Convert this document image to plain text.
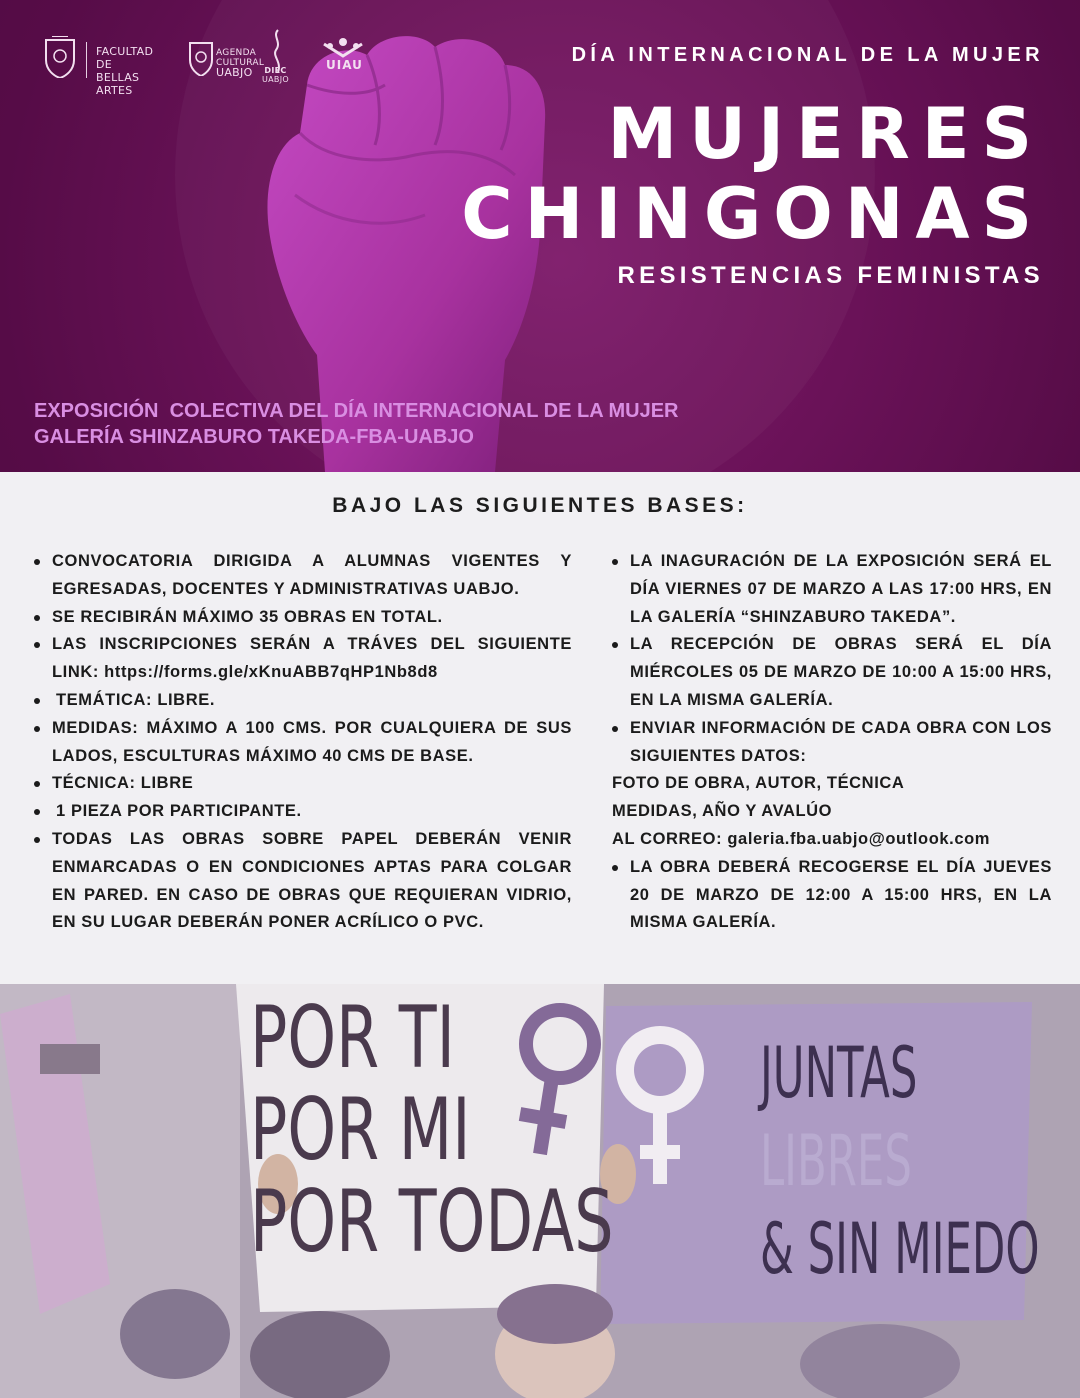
FACULTAD DE
BELLAS ARTES
AGENDA
CULTURAL
UABJO	DIEC
UABJO
UIAU	DÍA INTERNACIONAL DE LA MUJER
MUJERES
CHINGONAS
RESISTENCIAS FEMINISTAS
EXPOSICIÓN  COLECTIVA DEL DÍA INTERNACIONAL DE LA MUJER
GALERÍA SHINZABURO TAKEDA-FBA-UABJO
BAJO LAS SIGUIENTES BASES:
CONVOCATORIA DIRIGIDA A ALUMNAS VIGENTES Y EGRESADAS, DOCENTES Y ADMINISTRATIVAS UABJO.
SE RECIBIRÁN MÁXIMO 35 OBRAS EN TOTAL.
LAS INSCRIPCIONES SERÁN A TRÁVES DEL SIGUIENTE LINK: https://forms.gle/xKnuABB7qHP1Nb8d8
TEMÁTICA: LIBRE.
MEDIDAS: MÁXIMO A 100 CMS. POR CUALQUIERA DE SUS LADOS, ESCULTURAS MÁXIMO 40 CMS DE BASE.
TÉCNICA: LIBRE
1 PIEZA POR PARTICIPANTE.
TODAS LAS OBRAS SOBRE PAPEL DEBERÁN VENIR ENMARCADAS O EN CONDICIONES APTAS PARA COLGAR EN PARED. EN CASO DE OBRAS QUE REQUIERAN VIDRIO, EN SU LUGAR DEBERÁN PONER ACRÍLICO O PVC.
LA INAGURACIÓN DE LA EXPOSICIÓN SERÁ EL DÍA VIERNES 07 DE MARZO A LAS 17:00 HRS, EN LA GALERÍA “SHINZABURO TAKEDA”.
LA RECEPCIÓN DE OBRAS SERÁ EL DÍA MIÉRCOLES 05 DE MARZO DE 10:00 A 15:00 HRS, EN LA MISMA GALERÍA.
ENVIAR INFORMACIÓN DE CADA OBRA CON LOS SIGUIENTES DATOS:
FOTO DE OBRA, AUTOR, TÉCNICA
MEDIDAS, AÑO Y AVALÚO
AL CORREO: galeria.fba.uabjo@outlook.com
LA OBRA DEBERÁ RECOGERSE EL DÍA JUEVES 20 DE MARZO DE 12:00 A 15:00 HRS, EN LA MISMA GALERÍA.
POR TI
POR MI
POR TODAS
JUNTAS
LIBRES
& SIN MIEDO
